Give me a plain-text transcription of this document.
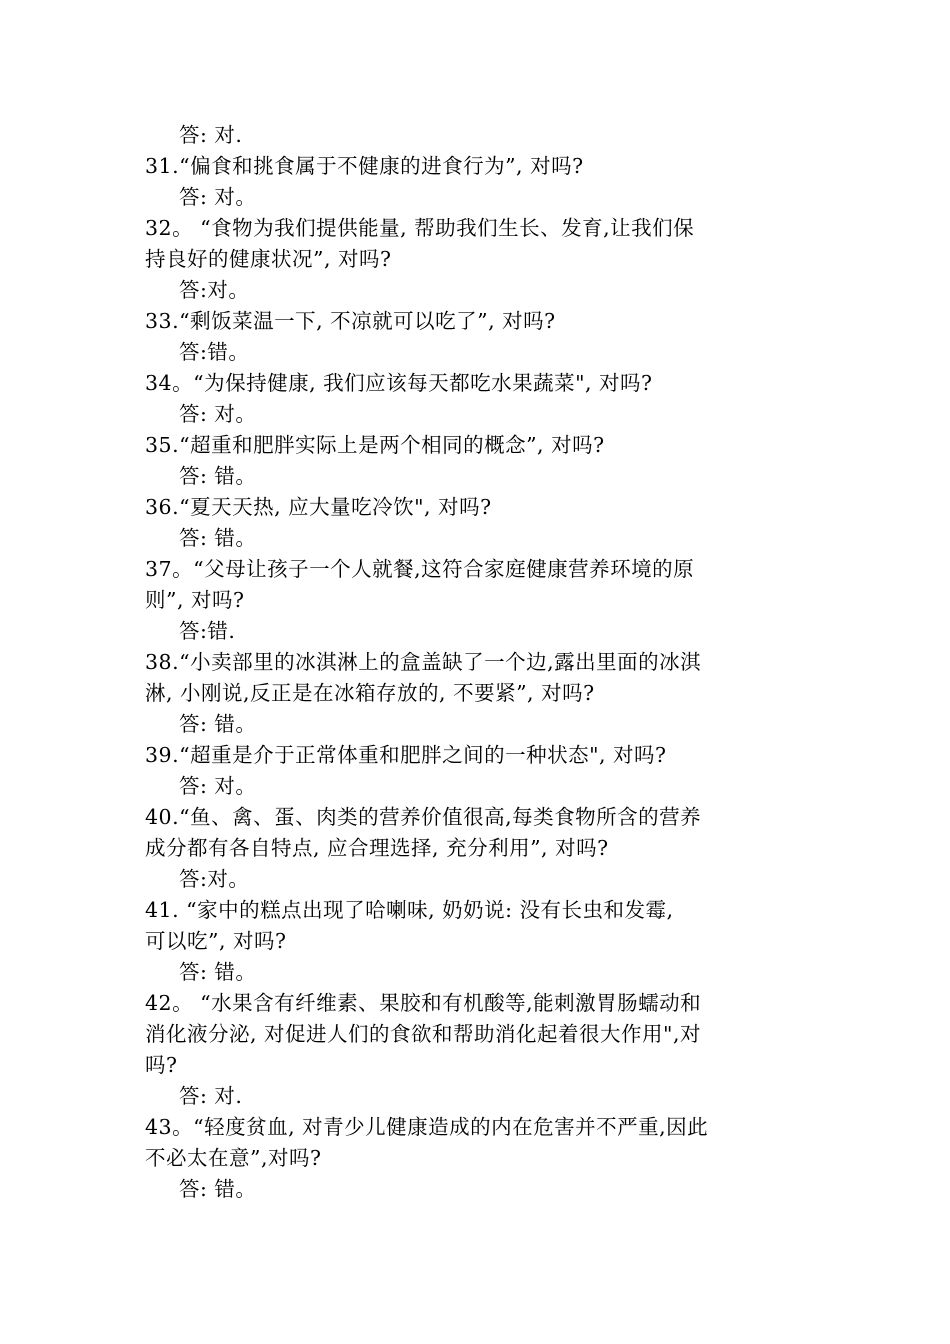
答: 对.
31.“偏食和挑食属于不健康的进食行为”, 对吗?
答: 对。
32。 “食物为我们提供能量, 帮助我们生长、发育,让我们保
持良好的健康状况”, 对吗?
答:对。
33.“剩饭菜温一下, 不凉就可以吃了”, 对吗?
答:错。
34。“为保持健康, 我们应该每天都吃水果蔬菜", 对吗?
答: 对。
35.“超重和肥胖实际上是两个相同的概念”, 对吗?
答: 错。
36.“夏天天热, 应大量吃冷饮", 对吗?
答: 错。
37。“父母让孩子一个人就餐,这符合家庭健康营养环境的原
则”, 对吗?
答:错.
38.“小卖部里的冰淇淋上的盒盖缺了一个边,露出里面的冰淇
淋, 小刚说,反正是在冰箱存放的, 不要紧”, 对吗?
答: 错。
39.“超重是介于正常体重和肥胖之间的一种状态", 对吗?
答: 对。
40.“鱼、禽、蛋、肉类的营养价值很高,每类食物所含的营养
成分都有各自特点, 应合理选择, 充分利用”, 对吗?
答:对。
41. “家中的糕点出现了哈喇味, 奶奶说: 没有长虫和发霉,
可以吃”, 对吗?
答: 错。
42。 “水果含有纤维素、果胶和有机酸等,能刺激胃肠蠕动和
消化液分泌, 对促进人们的食欲和帮助消化起着很大作用",对
吗?
答: 对.
43。“轻度贫血, 对青少儿健康造成的内在危害并不严重,因此
不必太在意”,对吗?
答: 错。
